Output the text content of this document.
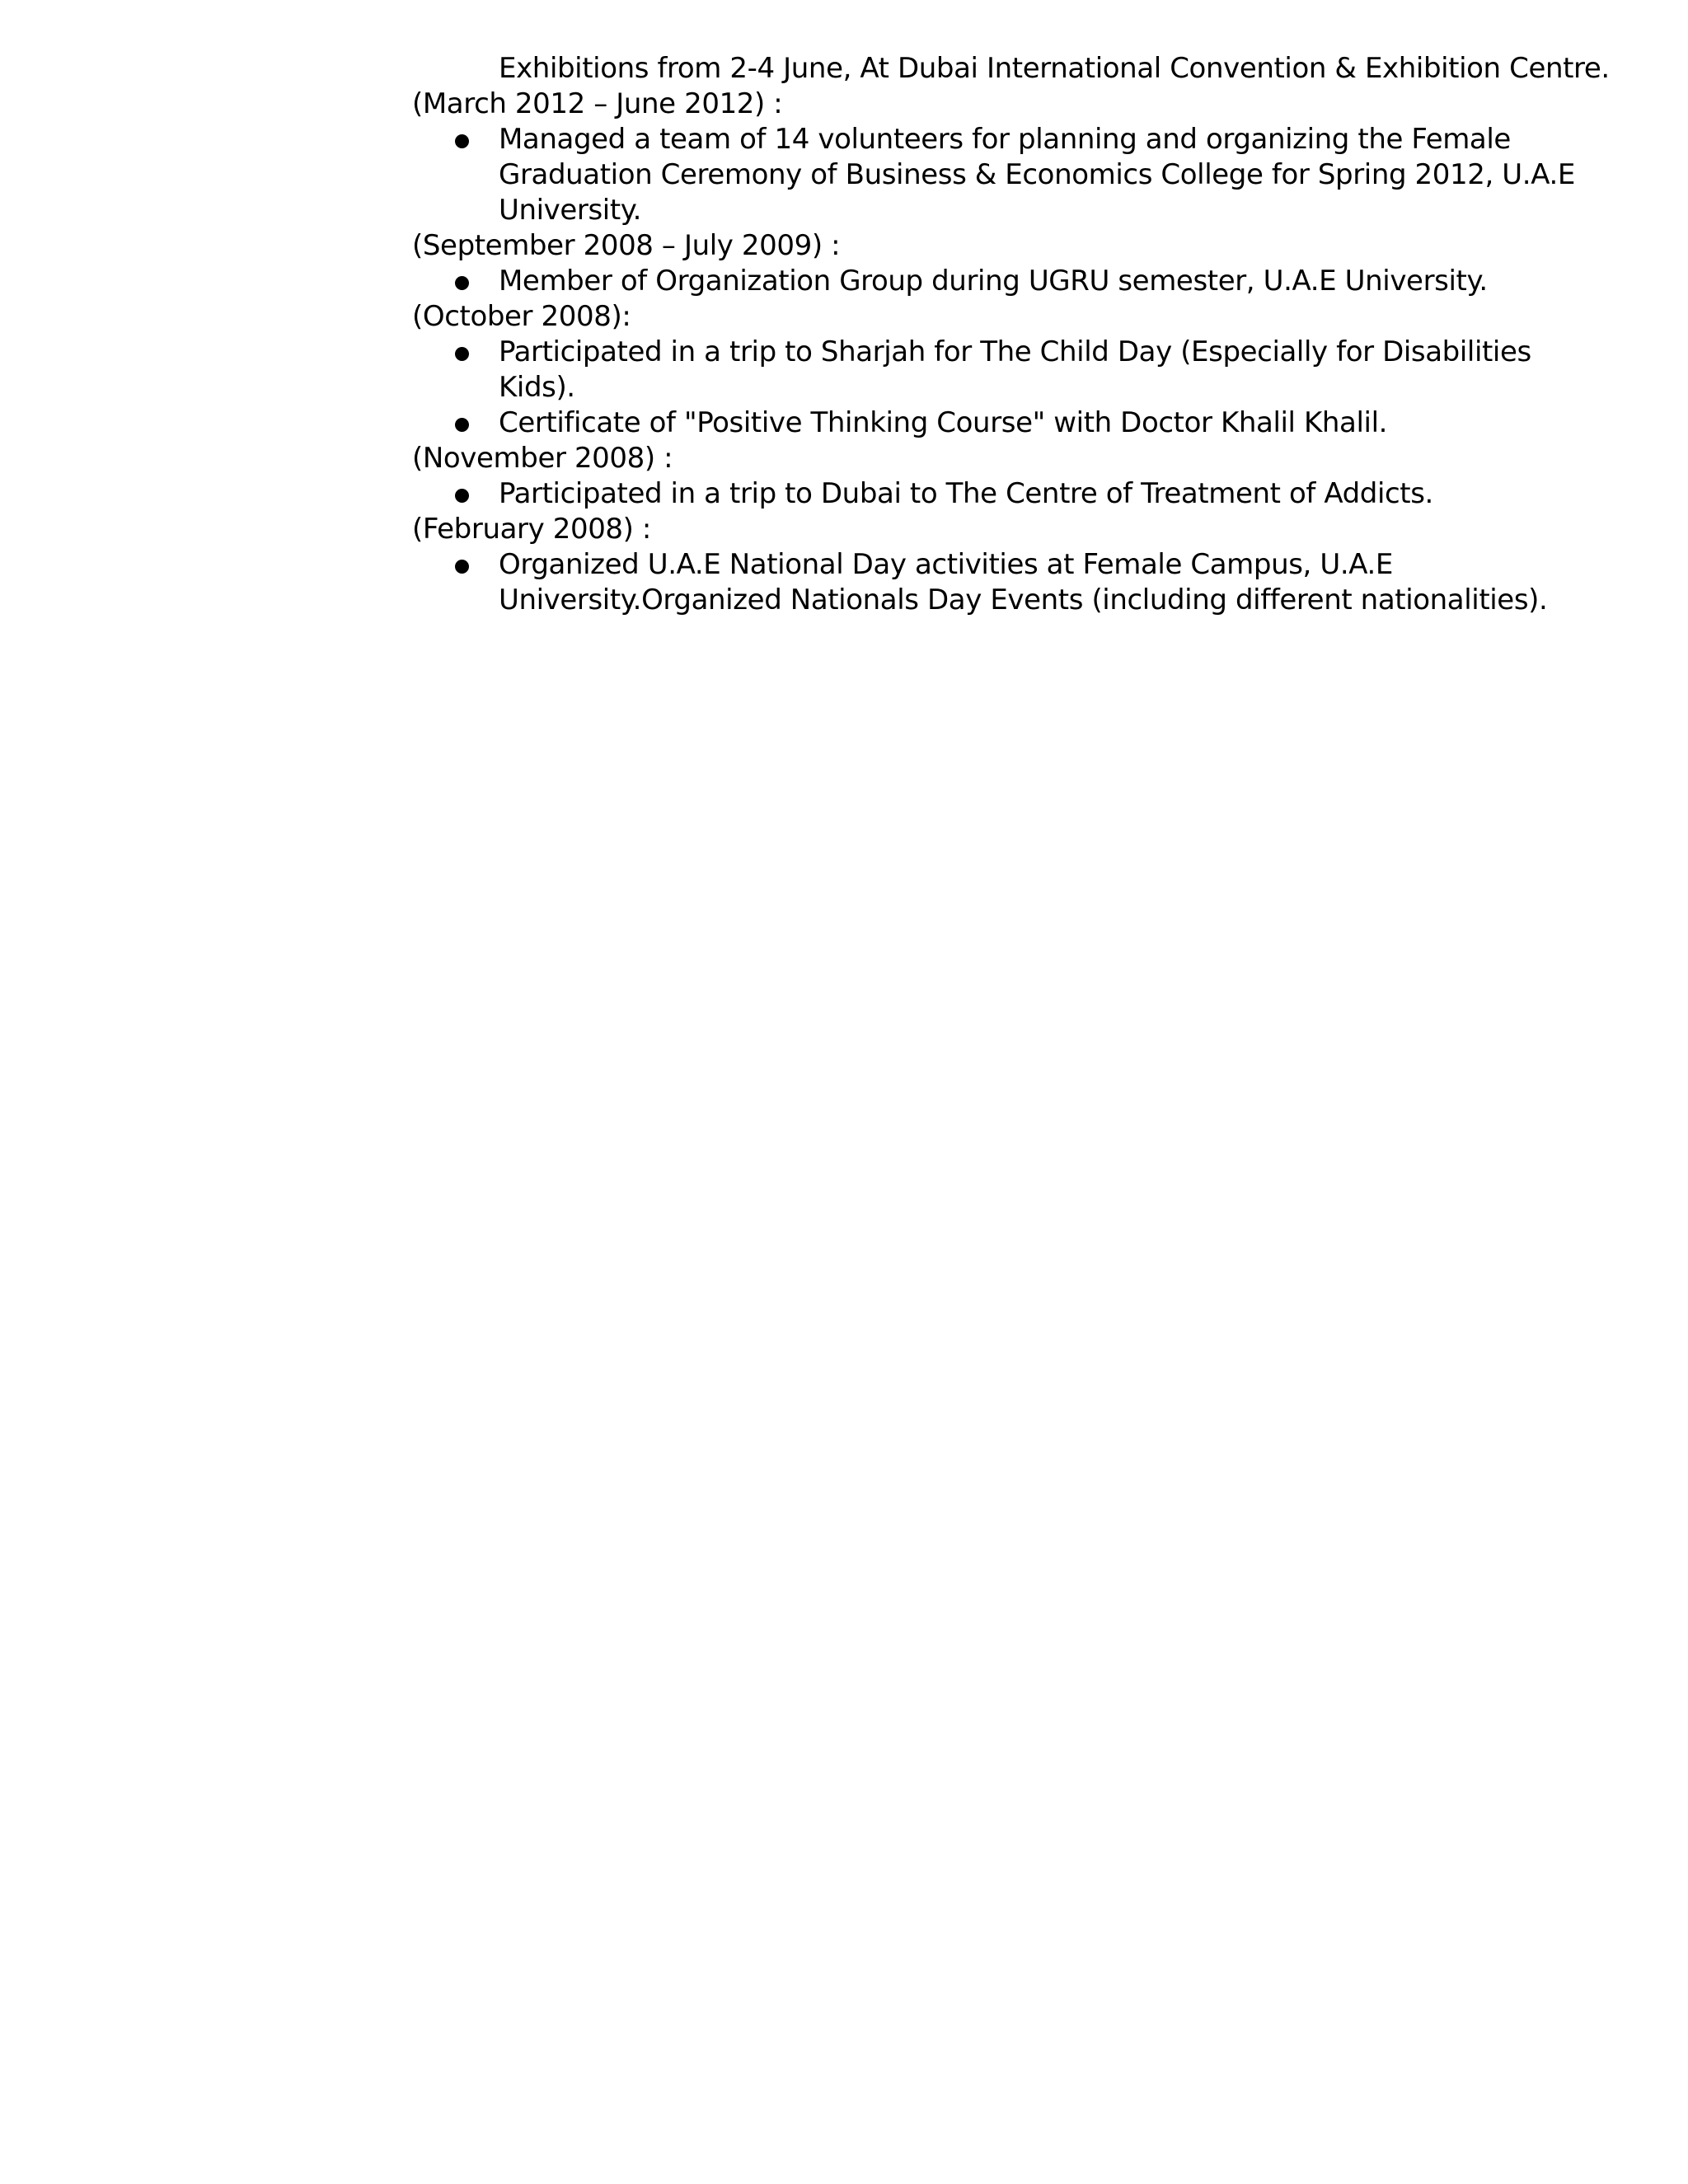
Exhibitions from 2-4 June, At Dubai International Convention & Exhibition Centre.
(March 2012 – June 2012) :
Managed a team of 14 volunteers for planning and organizing the Female Graduation Ceremony of Business & Economics College for Spring 2012, U.A.E University.
(September 2008 – July 2009) :
Member of Organization Group during UGRU semester, U.A.E University.
(October 2008):
Participated in a trip to Sharjah for The Child Day (Especially for Disabilities Kids).
Certificate of "Positive Thinking Course" with Doctor Khalil Khalil.
(November 2008) :
Participated in a trip to Dubai to The Centre of Treatment of Addicts.
(February 2008) :
Organized U.A.E National Day activities at Female Campus, U.A.E University.Organized Nationals Day Events (including different nationalities).
